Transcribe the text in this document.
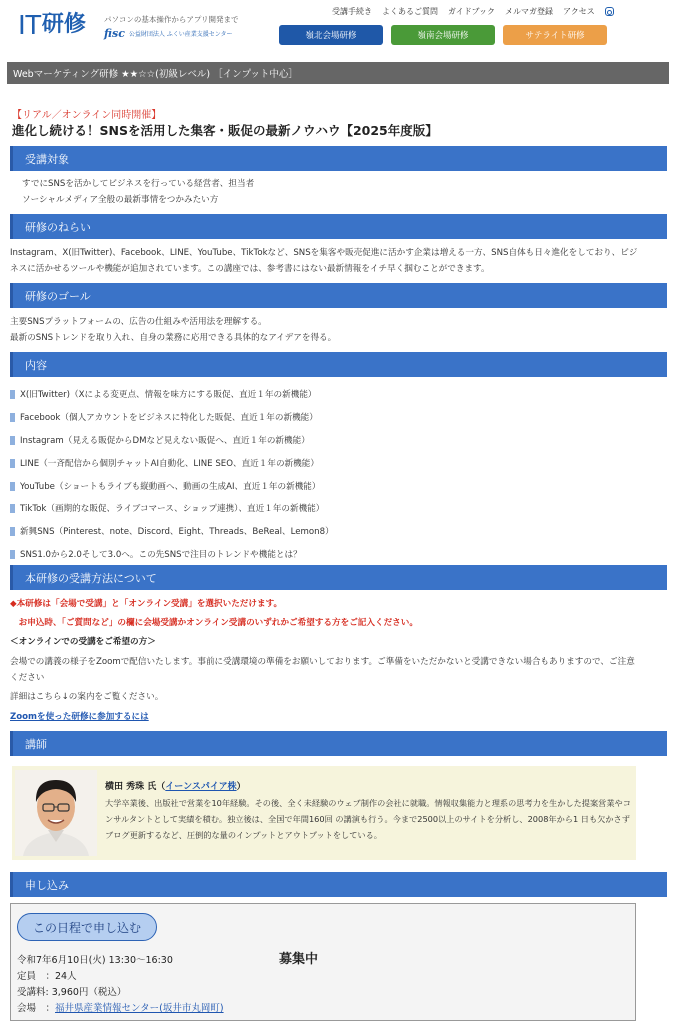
IT 研修 パソコンの基本操作からアプリ開発まで
fisc 公益財団法人 ふくい産業支援センター
受講手続き よくあるご質問 ガイドブック メルマガ登録 アクセス
嶺北会場研修	嶺南会場研修	サテライト研修
Webマーケティング研修 ★★☆☆(初級レベル) ［インプット中心］
【リアル／オンライン同時開催】
進化し続ける！SNSを活用した集客・販促の最新ノウハウ【2025年度版】
受講対象
すでにSNSを活かしてビジネスを行っている経営者、担当者
ソーシャルメディア全般の最新事情をつかみたい方
研修のねらい
Instagram、X(旧Twitter)、Facebook、LINE、YouTube、TikTokなど、SNSを集客や販売促進に活かす企業は増える一方、SNS自体も日々進化をしており、ビジ
ネスに活かせるツールや機能が追加されています。この講座では、参考書にはない最新情報をイチ早く掴むことができます。
研修のゴール
主要SNSプラットフォームの、広告の仕組みや活用法を理解する。
最新のSNSトレンドを取り入れ、自身の業務に応用できる具体的なアイデアを得る。
内容
X(旧Twitter)（Xによる変更点、情報を味方にする販促、直近１年の新機能）
Facebook（個人アカウントをビジネスに特化した販促、直近１年の新機能）
Instagram（見える販促からDMなど見えない販促へ、直近１年の新機能）
LINE（一斉配信から個別チャットAI自動化、LINE SEO、直近１年の新機能）
YouTube（ショートもライブも縦動画へ、動画の生成AI、直近１年の新機能）
TikTok（画期的な販促、ライブコマース、ショップ連携）、直近１年の新機能）
新興SNS（Pinterest、note、Discord、Eight、Threads、BeReal、Lemon8）
SNS1.0から2.0そして3.0へ。この先SNSで注目のトレンドや機能とは？
本研修の受講方法について
◆本研修は「会場で受講」と「オンライン受講」を選択いただけます。
　お申込時、「ご質問など」の欄に会場受講かオンライン受講のいずれかご希望する方をご記入ください。
＜オンラインでの受講をご希望の方＞
会場での講義の様子をZoomで配信いたします。事前に受講環境の準備をお願いしております。ご準備をいただかないと受講できない場合もありますので、ご注意
ください
詳細はこちら↓の案内をご覧ください。
Zoomを使った研修に参加するには
講師
横田 秀珠 氏（イーンスパイア株）
大学卒業後、出版社で営業を10年経験。その後、全く未経験のウェブ制作の会社に就職。情報収集能力と理系の思考力を生かした提案営業やコンサルタントとして実績を積む。独立後は、全国で年間160回 の講演も行う。今まで2500以上のサイトを分析し、2008年から1 日も欠かさずブログ更新するなど、圧倒的な量のインプットとアウトプットをしている。
申し込み
この日程で申し込む
募集中
令和7年6月10日(火) 13:30〜16:30
定員　：24人
受講料: 3,960円（税込）
会場　：福井県産業情報センター(坂井市丸岡町)
